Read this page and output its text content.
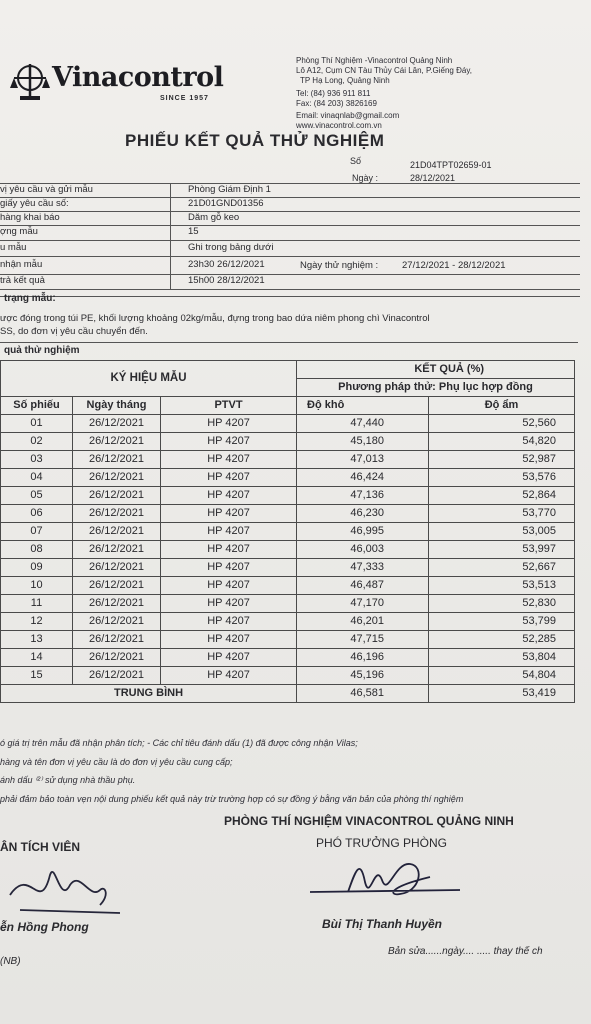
Vinacontrol
SINCE 1957
Phòng Thí Nghiệm -Vinacontrol Quảng Ninh
Lô A12, Cụm CN Tàu Thủy Cái Lân, P.Giếng Đáy,
TP Hạ Long, Quảng Ninh
Tel: (84) 936 911 811
Fax: (84 203) 3826169
Email: vinaqnlab@gmail.com
www.vinacontrol.com.vn
PHIẾU KẾT QUẢ THỬ NGHIỆM
Số	21D04TPT02659-01
Ngày :	28/12/2021
vị yêu cầu và gửi mẫu	Phòng Giám Định 1
giấy yêu cầu số:	21D01GND01356
hàng khai báo	Dăm gỗ keo
ợng mẫu	15
u mẫu	Ghi trong bảng dưới
nhận mẫu	23h30 26/12/2021	Ngày thử nghiệm :	27/12/2021 - 28/12/2021
trả kết quả	15h00 28/12/2021
trạng mẫu:
ược đóng trong túi PE, khối lượng khoảng 02kg/mẫu, đựng trong bao dứa niêm phong chì Vinacontrol
SS, do đơn vị yêu cầu chuyển đến.
quả thử nghiệm
KÝ HIỆU MẪU			KẾT QUẢ (%)	
			Phương pháp thử: Phụ lục hợp đồng	
Số phiếu	Ngày tháng	PTVT	Độ khô	Độ ẩm
01	26/12/2021	HP 4207	47,440	52,560
02	26/12/2021	HP 4207	45,180	54,820
03	26/12/2021	HP 4207	47,013	52,987
04	26/12/2021	HP 4207	46,424	53,576
05	26/12/2021	HP 4207	47,136	52,864
06	26/12/2021	HP 4207	46,230	53,770
07	26/12/2021	HP 4207	46,995	53,005
08	26/12/2021	HP 4207	46,003	53,997
09	26/12/2021	HP 4207	47,333	52,667
10	26/12/2021	HP 4207	46,487	53,513
11	26/12/2021	HP 4207	47,170	52,830
12	26/12/2021	HP 4207	46,201	53,799
13	26/12/2021	HP 4207	47,715	52,285
14	26/12/2021	HP 4207	46,196	53,804
15	26/12/2021	HP 4207	45,196	54,804
TRUNG BÌNH			46,581	53,419
ó giá trị trên mẫu đã nhận phân tích; - Các chỉ tiêu đánh dấu (1) đã được công nhận Vilas;
hàng và tên đơn vị yêu cầu là do đơn vị yêu cầu cung cấp;
ánh dấu ⁽²⁾ sử dụng nhà thầu phụ.
phải đảm bảo toàn vẹn nội dung phiếu kết quả này trừ trường hợp có sự đồng ý bằng văn bản của phòng thí nghiệm
PHÒNG THÍ NGHIỆM VINACONTROL QUẢNG NINH
ÂN TÍCH VIÊN	PHÓ TRƯỞNG PHÒNG
ễn Hồng Phong	Bùi Thị Thanh Huyền
(NB)
Bản sửa......ngày.... ..... thay thế ch
